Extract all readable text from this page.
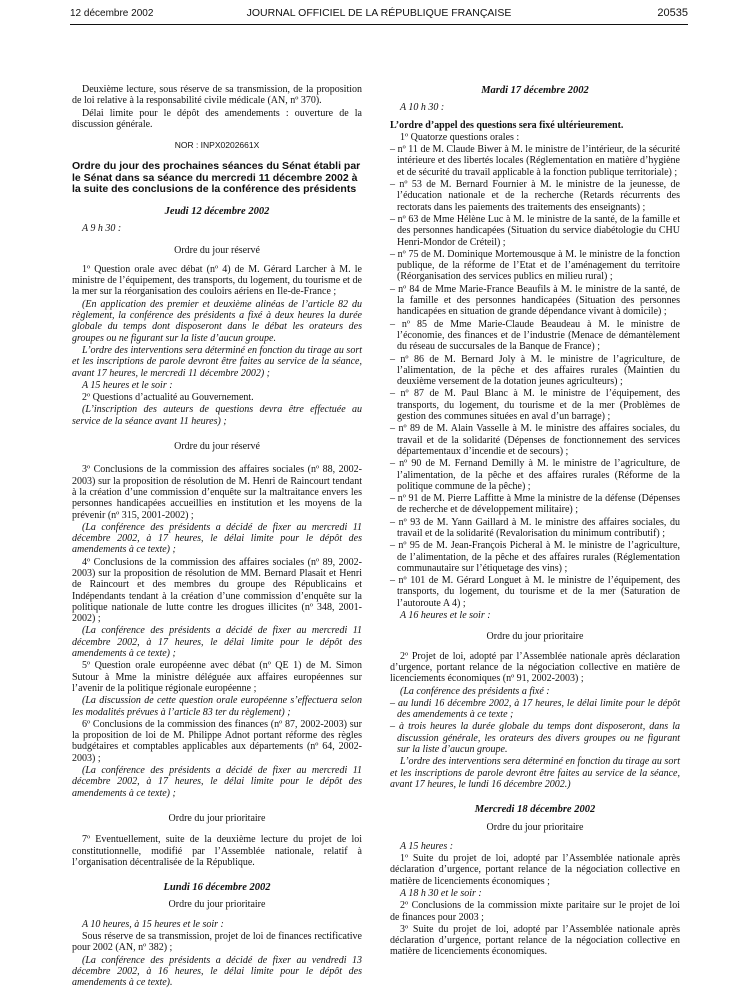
12 décembre 2002	JOURNAL OFFICIEL DE LA RÉPUBLIQUE FRANÇAISE	20535

Deuxième lecture, sous réserve de sa transmission, de la proposition de loi relative à la responsabilité civile médicale (AN, nº 370).

Délai limite pour le dépôt des amendements : ouverture de la discussion générale.

NOR : INPX0202661X

Ordre du jour des prochaines séances du Sénat établi par le Sénat dans sa séance du mercredi 11 décembre 2002 à la suite des conclusions de la conférence des présidents

Jeudi 12 décembre 2002

A 9 h 30 :

Ordre du jour réservé

1º Question orale avec débat (nº 4) de M. Gérard Larcher à M. le ministre de l’équipement, des transports, du logement, du tourisme et de la mer sur la réorganisation des couloirs aériens en Ile-de-France ;

(En application des premier et deuxième alinéas de l’article 82 du règlement, la conférence des présidents a fixé à deux heures la durée globale du temps dont disposeront dans le débat les orateurs des groupes ou ne figurant sur la liste d’aucun groupe.

L’ordre des interventions sera déterminé en fonction du tirage au sort et les inscriptions de parole devront être faites au service de la séance, avant 17 heures, le mercredi 11 décembre 2002) ;

A 15 heures et le soir :

2º Questions d’actualité au Gouvernement.

(L’inscription des auteurs de questions devra être effectuée au service de la séance avant 11 heures) ;

Ordre du jour réservé

3º Conclusions de la commission des affaires sociales (nº 88, 2002-2003) sur la proposition de résolution de M. Henri de Raincourt tendant à la création d’une commission d’enquête sur la maltraitance envers les personnes handicapées accueillies en institution et les moyens de la prévenir (nº 315, 2001-2002) ;

(La conférence des présidents a décidé de fixer au mercredi 11 décembre 2002, à 17 heures, le délai limite pour le dépôt des amendements à ce texte) ;

4º Conclusions de la commission des affaires sociales (nº 89, 2002-2003) sur la proposition de résolution de MM. Bernard Plasait et Henri de Raincourt et des membres du groupe des Républicains et Indépendants tendant à la création d’une commission d’enquête sur la politique nationale de lutte contre les drogues illicites (nº 348, 2001-2002) ;

(La conférence des présidents a décidé de fixer au mercredi 11 décembre 2002, à 17 heures, le délai limite pour le dépôt des amendements à ce texte) ;

5º Question orale européenne avec débat (nº QE 1) de M. Simon Sutour à Mme la ministre déléguée aux affaires européennes sur l’avenir de la politique régionale européenne ;

(La discussion de cette question orale européenne s’effectuera selon les modalités prévues à l’article 83 ter du règlement) ;

6º Conclusions de la commission des finances (nº 87, 2002-2003) sur la proposition de loi de M. Philippe Adnot portant réforme des règles budgétaires et comptables applicables aux départements (nº 64, 2002-2003) ;

(La conférence des présidents a décidé de fixer au mercredi 11 décembre 2002, à 17 heures, le délai limite pour le dépôt des amendements à ce texte) ;

Ordre du jour prioritaire

7º Eventuellement, suite de la deuxième lecture du projet de loi constitutionnelle, modifié par l’Assemblée nationale, relatif à l’organisation décentralisée de la République.

Lundi 16 décembre 2002

Ordre du jour prioritaire

A 10 heures, à 15 heures et le soir :

Sous réserve de sa transmission, projet de loi de finances rectificative pour 2002 (AN, nº 382) ;

(La conférence des présidents a décidé de fixer au vendredi 13 décembre 2002, à 16 heures, le délai limite pour le dépôt des amendements à ce texte).

Mardi 17 décembre 2002

A 10 h 30 :

L’ordre d’appel des questions sera fixé ultérieurement.

1º Quatorze questions orales :

– nº 11 de M. Claude Biwer à M. le ministre de l’intérieur, de la sécurité intérieure et des libertés locales (Réglementation en matière d’hygiène et de sécurité du travail applicable à la fonction publique territoriale) ;

– nº 53 de M. Bernard Fournier à M. le ministre de la jeunesse, de l’éducation nationale et de la recherche (Retards récurrents des rectorats dans les paiements des traitements des enseignants) ;

– nº 63 de Mme Hélène Luc à M. le ministre de la santé, de la famille et des personnes handicapées (Situation du service diabétologie du CHU Henri-Mondor de Créteil) ;

– nº 75 de M. Dominique Mortemousque à M. le ministre de la fonction publique, de la réforme de l’Etat et de l’aménagement du territoire (Réorganisation des services publics en milieu rural) ;

– nº 84 de Mme Marie-France Beaufils à M. le ministre de la santé, de la famille et des personnes handicapées (Situation des personnes handicapées en situation de grande dépendance vivant à domicile) ;

– nº 85 de Mme Marie-Claude Beaudeau à M. le ministre de l’économie, des finances et de l’industrie (Menace de démantèlement du réseau de succursales de la Banque de France) ;

– nº 86 de M. Bernard Joly à M. le ministre de l’agriculture, de l’alimentation, de la pêche et des affaires rurales (Maintien du deuxième versement de la dotation jeunes agriculteurs) ;

– nº 87 de M. Paul Blanc à M. le ministre de l’équipement, des transports, du logement, du tourisme et de la mer (Problèmes de gestion des communes situées en aval d’un barrage) ;

– nº 89 de M. Alain Vasselle à M. le ministre des affaires sociales, du travail et de la solidarité (Dépenses de fonctionnement des services départementaux d’incendie et de secours) ;

– nº 90 de M. Fernand Demilly à M. le ministre de l’agriculture, de l’alimentation, de la pêche et des affaires rurales (Réforme de la politique commune de la pêche) ;

– nº 91 de M. Pierre Laffitte à Mme la ministre de la défense (Dépenses de recherche et de développement militaire) ;

– nº 93 de M. Yann Gaillard à M. le ministre des affaires sociales, du travail et de la solidarité (Revalorisation du minimum contributif) ;

– nº 95 de M. Jean-François Picheral à M. le ministre de l’agriculture, de l’alimentation, de la pêche et des affaires rurales (Réglementation communautaire sur l’étiquetage des vins) ;

– nº 101 de M. Gérard Longuet à M. le ministre de l’équipement, des transports, du logement, du tourisme et de la mer (Saturation de l’autoroute A 4) ;

A 16 heures et le soir :

Ordre du jour prioritaire

2º Projet de loi, adopté par l’Assemblée nationale après déclaration d’urgence, portant relance de la négociation collective en matière de licenciements économiques (nº 91, 2002-2003) ;

(La conférence des présidents a fixé :

– au lundi 16 décembre 2002, à 17 heures, le délai limite pour le dépôt des amendements à ce texte ;

– à trois heures la durée globale du temps dont disposeront, dans la discussion générale, les orateurs des divers groupes ou ne figurant sur la liste d’aucun groupe.

L’ordre des interventions sera déterminé en fonction du tirage au sort et les inscriptions de parole devront être faites au service de la séance, avant 17 heures, le lundi 16 décembre 2002.)

Mercredi 18 décembre 2002

Ordre du jour prioritaire

A 15 heures :

1º Suite du projet de loi, adopté par l’Assemblée nationale après déclaration d’urgence, portant relance de la négociation collective en matière de licenciements économiques ;

A 18 h 30 et le soir :

2º Conclusions de la commission mixte paritaire sur le projet de loi de finances pour 2003 ;

3º Suite du projet de loi, adopté par l’Assemblée nationale après déclaration d’urgence, portant relance de la négociation collective en matière de licenciements économiques.
